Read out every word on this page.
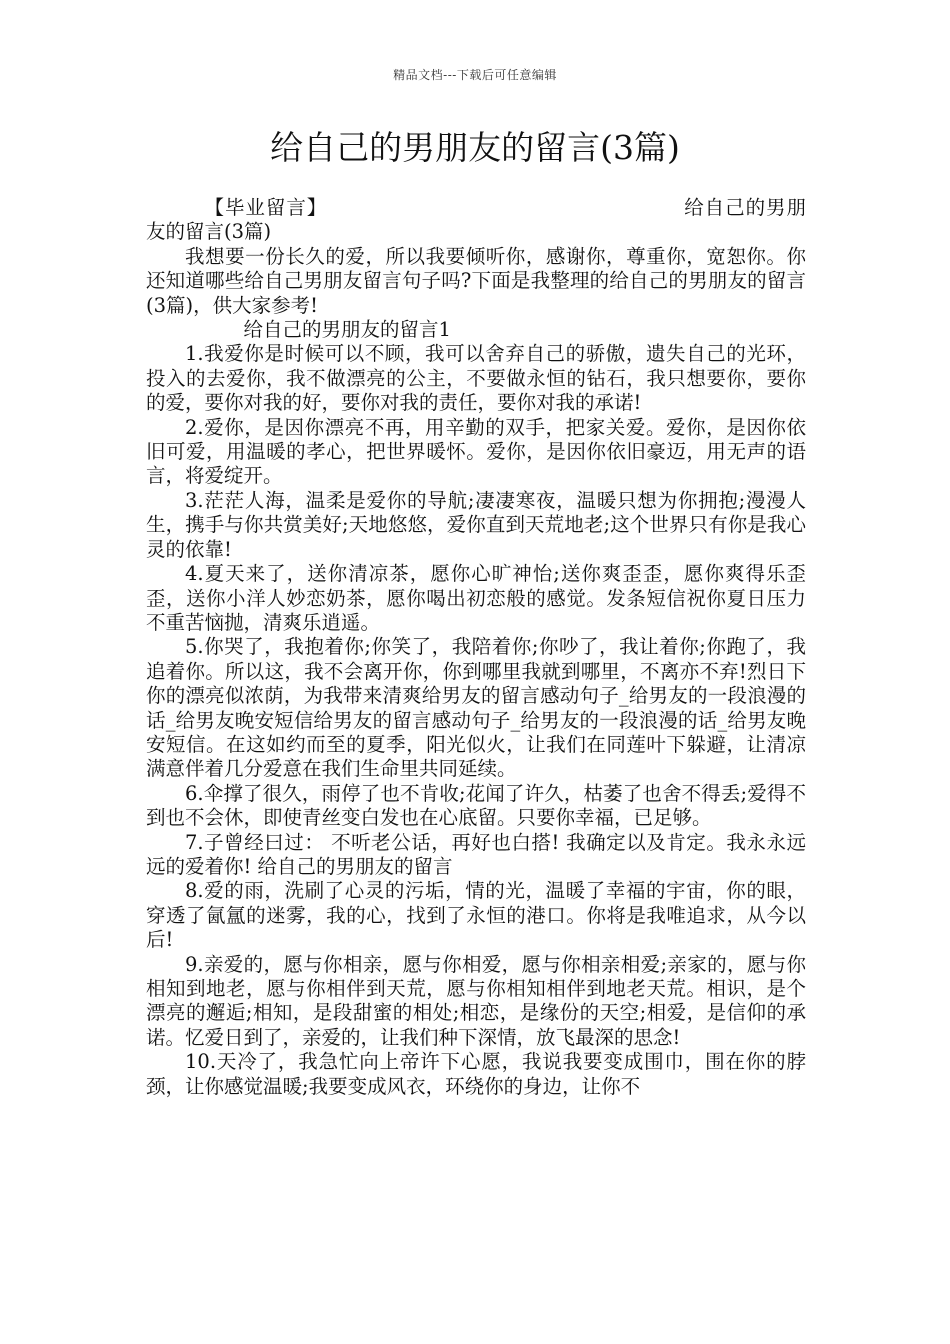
精品文档---下载后可任意编辑
给自己的男朋友的留言(3篇)

【毕业留言】	给自己的男朋友的留言(3篇)

我想要一份长久的爱，所以我要倾听你，感谢你，尊重你，宽恕你。你还知道哪些给自己男朋友留言句子吗?下面是我整理的给自己的男朋友的留言(3篇)，供大家参考!

给自己的男朋友的留言1

1.我爱你是时候可以不顾，我可以舍弃自己的骄傲，遗失自己的光环，投入的去爱你，我不做漂亮的公主，不要做永恒的钻石，我只想要你，要你的爱，要你对我的好，要你对我的责任，要你对我的承诺!

2.爱你，是因你漂亮不再，用辛勤的双手，把家关爱。爱你，是因你依旧可爱，用温暖的孝心，把世界暖怀。爱你，是因你依旧豪迈，用无声的语言，将爱绽开。

3.茫茫人海，温柔是爱你的导航;凄凄寒夜，温暖只想为你拥抱;漫漫人生，携手与你共赏美好;天地悠悠，爱你直到天荒地老;这个世界只有你是我心灵的依靠!

4.夏天来了，送你清凉茶，愿你心旷神怡;送你爽歪歪，愿你爽得乐歪歪，送你小洋人妙恋奶茶，愿你喝出初恋般的感觉。发条短信祝你夏日压力不重苦恼抛，清爽乐逍遥。

5.你哭了，我抱着你;你笑了，我陪着你;你吵了，我让着你;你跑了，我追着你。所以这，我不会离开你，你到哪里我就到哪里，不离亦不弃!烈日下你的漂亮似浓荫，为我带来清爽给男友的留言感动句子_给男友的一段浪漫的话_给男友晚安短信给男友的留言感动句子_给男友的一段浪漫的话_给男友晚安短信。在这如约而至的夏季，阳光似火，让我们在同莲叶下躲避，让清凉满意伴着几分爱意在我们生命里共同延续。

6.伞撑了很久，雨停了也不肯收;花闻了许久，枯萎了也舍不得丢;爱得不到也不会休，即使青丝变白发也在心底留。只要你幸福，已足够。

7.子曾经曰过： 不听老公话，再好也白搭! 我确定以及肯定。我永永远远的爱着你! 给自己的男朋友的留言

8.爱的雨，洗刷了心灵的污垢，情的光，温暖了幸福的宇宙，你的眼，穿透了氤氲的迷雾，我的心，找到了永恒的港口。你将是我唯追求，从今以后!

9.亲爱的，愿与你相亲，愿与你相爱，愿与你相亲相爱;亲家的，愿与你相知到地老，愿与你相伴到天荒，愿与你相知相伴到地老天荒。相识，是个漂亮的邂逅;相知，是段甜蜜的相处;相恋，是缘份的天空;相爱，是信仰的承诺。忆爱日到了，亲爱的，让我们种下深情，放飞最深的思念!

10.天冷了，我急忙向上帝许下心愿，我说我要变成围巾，围在你的脖颈，让你感觉温暖;我要变成风衣，环绕你的身边，让你不
